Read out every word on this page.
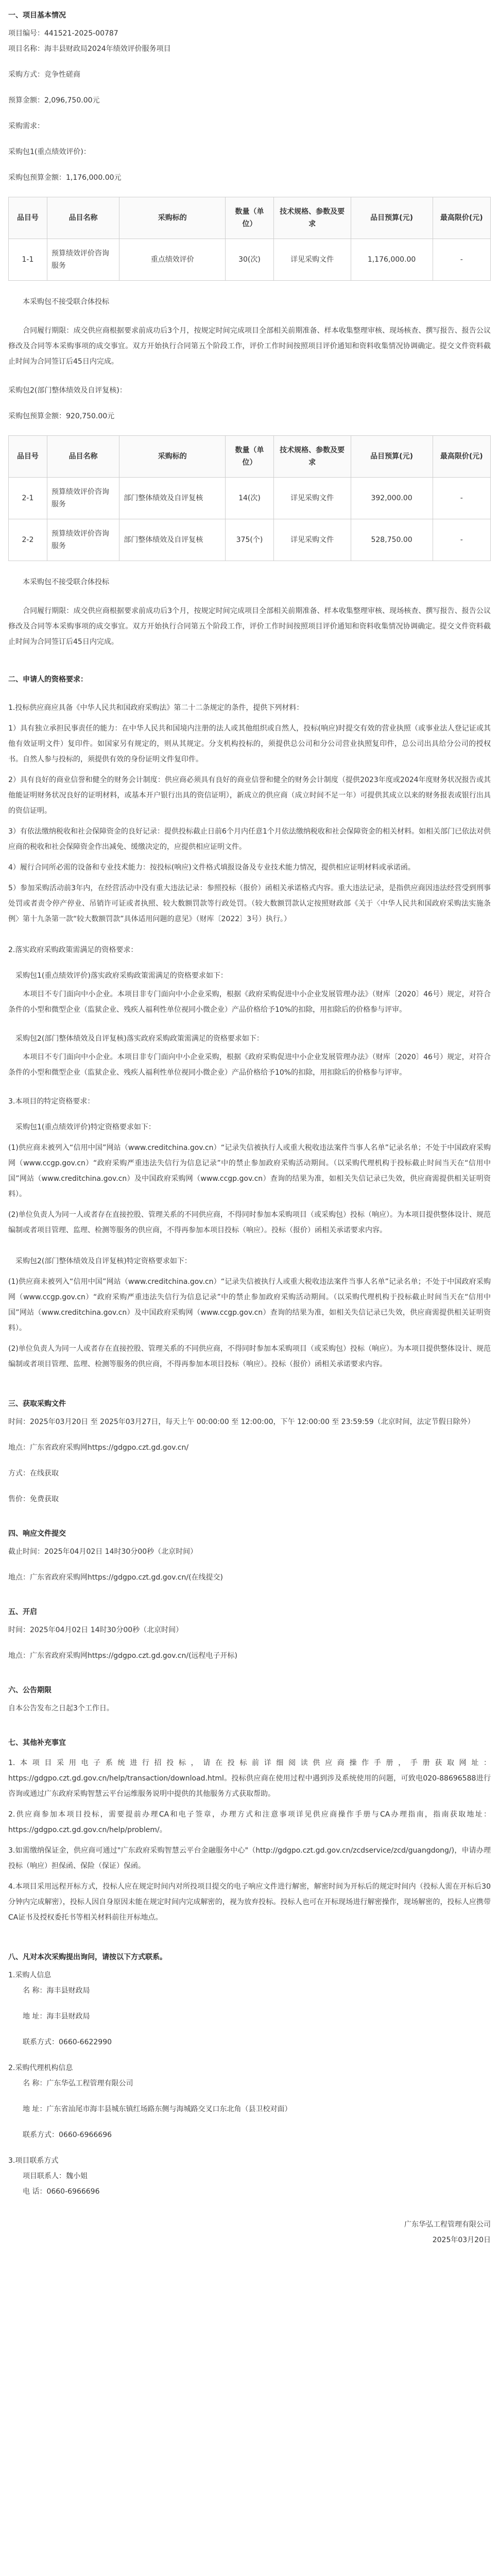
一、项目基本情况

项目编号：441521-2025-00787

项目名称：海丰县财政局2024年绩效评价服务项目

采购方式：竞争性磋商

预算金额：2,096,750.00元

采购需求：

采购包1(重点绩效评价)：

采购包预算金额：1,176,000.00元

品目号	品目名称	采购标的	数量（单位）	技术规格、参数及要求	品目预算(元)	最高限价(元)
1-1	预算绩效评价咨询服务	重点绩效评价	30(次)	详见采购文件	1,176,000.00	-

本采购包不接受联合体投标

合同履行期限：成交供应商根据要求前成功后3个月，按规定时间完成项目全部相关前期准备、样本收集整理审核、现场核查、撰写报告、报告公议修改及合同等本采购事项的成交事宜。双方开始执行合同第五个阶段工作，评价工作时间按照项目评价通知和资料收集情况协调确定。提交文件资料截止时间为合同签订后45日内完成。

采购包2(部门整体绩效及自评复核)：

采购包预算金额：920,750.00元

品目号	品目名称	采购标的	数量（单位）	技术规格、参数及要求	品目预算(元)	最高限价(元)
2-1	预算绩效评价咨询服务	部门整体绩效及自评复核	14(次)	详见采购文件	392,000.00	-
2-2	预算绩效评价咨询服务	部门整体绩效及自评复核	375(个)	详见采购文件	528,750.00	-

本采购包不接受联合体投标

合同履行期限：成交供应商根据要求前成功后3个月，按规定时间完成项目全部相关前期准备、样本收集整理审核、现场核查、撰写报告、报告公议修改及合同等本采购事项的成交事宜。双方开始执行合同第五个阶段工作，评价工作时间按照项目评价通知和资料收集情况协调确定。提交文件资料截止时间为合同签订后45日内完成。

二、申请人的资格要求：

1.投标供应商应具备《中华人民共和国政府采购法》第二十二条规定的条件，提供下列材料：

1）具有独立承担民事责任的能力：在中华人民共和国境内注册的法人或其他组织或自然人，投标(响应)时提交有效的营业执照（或事业法人登记证或其他有效证明文件）复印件。如国家另有规定的，则从其规定。分支机构投标的，须提供总公司和分公司营业执照复印件，总公司出具给分公司的授权书。自然人参与投标的，须提供有效的身份证明文件复印件。

2）具有良好的商业信誉和健全的财务会计制度：供应商必须具有良好的商业信誉和健全的财务会计制度（提供2023年度或2024年度财务状况报告或其他能证明财务状况良好的证明材料，或基本开户银行出具的资信证明），新成立的供应商（成立时间不足一年）可提供其成立以来的财务报表或银行出具的资信证明。

3）有依法缴纳税收和社会保障资金的良好记录：提供投标截止日前6个月内任意1个月依法缴纳税收和社会保障资金的相关材料。如相关部门已依法对供应商的税收和社会保障资金作出减免、缓缴决定的，应提供相应证明文件。

4）履行合同所必需的设备和专业技术能力：按投标(响应)文件格式填报设备及专业技术能力情况，提供相应证明材料或承诺函。

5）参加采购活动前3年内，在经营活动中没有重大违法记录：参照投标（报价）函相关承诺格式内容。重大违法记录，是指供应商因违法经营受到刑事处罚或者责令停产停业、吊销许可证或者执照、较大数额罚款等行政处罚。（较大数额罚款认定按照财政部《关于〈中华人民共和国政府采购法实施条例〉第十九条第一款“较大数额罚款”具体适用问题的意见》（财库〔2022〕3号）执行。）

2.落实政府采购政策需满足的资格要求：

采购包1(重点绩效评价)落实政府采购政策需满足的资格要求如下：

本项目不专门面向中小企业。本项目非专门面向中小企业采购，根据《政府采购促进中小企业发展管理办法》（财库〔2020〕46号）规定，对符合条件的小型和微型企业（监狱企业、残疾人福利性单位视同小微企业）产品价格给予10%的扣除，用扣除后的价格参与评审。

采购包2(部门整体绩效及自评复核)落实政府采购政策需满足的资格要求如下：

本项目不专门面向中小企业。本项目非专门面向中小企业采购，根据《政府采购促进中小企业发展管理办法》（财库〔2020〕46号）规定，对符合条件的小型和微型企业（监狱企业、残疾人福利性单位视同小微企业）产品价格给予10%的扣除，用扣除后的价格参与评审。

3.本项目的特定资格要求：

采购包1(重点绩效评价)特定资格要求如下：

(1)供应商未被列入“信用中国”网站（www.creditchina.gov.cn）“记录失信被执行人或重大税收违法案件当事人名单”记录名单；不处于中国政府采购网（www.ccgp.gov.cn）“政府采购严重违法失信行为信息记录”中的禁止参加政府采购活动期间。（以采购代理机构于投标截止时间当天在“信用中国”网站（www.creditchina.gov.cn）及中国政府采购网（www.ccgp.gov.cn）查询的结果为准，如相关失信记录已失效，供应商需提供相关证明资料）。

(2)单位负责人为同一人或者存在直接控股、管理关系的不同供应商，不得同时参加本采购项目（或采购包）投标（响应）。为本项目提供整体设计、规范编制或者项目管理、监理、检测等服务的供应商，不得再参加本项目投标（响应）。投标（报价）函相关承诺要求内容。

采购包2(部门整体绩效及自评复核)特定资格要求如下：

(1)供应商未被列入“信用中国”网站（www.creditchina.gov.cn）“记录失信被执行人或重大税收违法案件当事人名单”记录名单；不处于中国政府采购网（www.ccgp.gov.cn）“政府采购严重违法失信行为信息记录”中的禁止参加政府采购活动期间。（以采购代理机构于投标截止时间当天在“信用中国”网站（www.creditchina.gov.cn）及中国政府采购网（www.ccgp.gov.cn）查询的结果为准，如相关失信记录已失效，供应商需提供相关证明资料）。

(2)单位负责人为同一人或者存在直接控股、管理关系的不同供应商，不得同时参加本采购项目（或采购包）投标（响应）。为本项目提供整体设计、规范编制或者项目管理、监理、检测等服务的供应商，不得再参加本项目投标（响应）。投标（报价）函相关承诺要求内容。

三、获取采购文件

时间：2025年03月20日 至 2025年03月27日，每天上午 00:00:00 至 12:00:00，下午 12:00:00 至 23:59:59（北京时间，法定节假日除外）

地点：广东省政府采购网https://gdgpo.czt.gd.gov.cn/

方式：在线获取

售价：免费获取

四、响应文件提交

截止时间：2025年04月02日 14时30分00秒（北京时间）

地点：广东省政府采购网https://gdgpo.czt.gd.gov.cn/(在线提交)

五、开启

时间：2025年04月02日 14时30分00秒（北京时间）

地点：广东省政府采购网https://gdgpo.czt.gd.gov.cn/(远程电子开标)

六、公告期限

自本公告发布之日起3个工作日。

七、其他补充事宜

1.本项目采用电子系统进行招投标，请在投标前详细阅读供应商操作手册，手册获取网址：https://gdgpo.czt.gd.gov.cn/help/transaction/download.html。投标供应商在使用过程中遇到涉及系统使用的问题，可致电020-88696588进行咨询或通过广东政府采购智慧云平台运维服务说明中提供的其他服务方式获取帮助。

2.供应商参加本项目投标，需要提前办理CA和电子签章，办理方式和注意事项详见供应商操作手册与CA办理指南，指南获取地址：https://gdgpo.czt.gd.gov.cn/help/problem/。

3.如需缴纳保证金，供应商可通过"广东政府采购智慧云平台金融服务中心"（http://gdgpo.czt.gd.gov.cn/zcdservice/zcd/guangdong/)，申请办理投标（响应）担保函、保险（保证）保函。

4.本项目采用远程开标方式，投标人应在规定时间内对所投项目提交的电子响应文件进行解密，解密时间为开标后的规定时间内（投标人需在开标后30分钟内完成解密），投标人因自身原因未能在规定时间内完成解密的，视为放弃投标。投标人也可在开标现场进行解密操作，现场解密的，投标人应携带CA证书及授权委托书等相关材料前往开标地点。

八、凡对本次采购提出询问，请按以下方式联系。

1.采购人信息

名 称：海丰县财政局

地 址：海丰县财政局

联系方式：0660-6622990

2.采购代理机构信息

名 称：广东华弘工程管理有限公司

地 址：广东省汕尾市海丰县城东镇红场路东侧与海城路交叉口东北角（县卫校对面）

联系方式：0660-6966696

3.项目联系方式

项目联系人：魏小姐

电 话：0660-6966696

广东华弘工程管理有限公司
2025年03月20日
